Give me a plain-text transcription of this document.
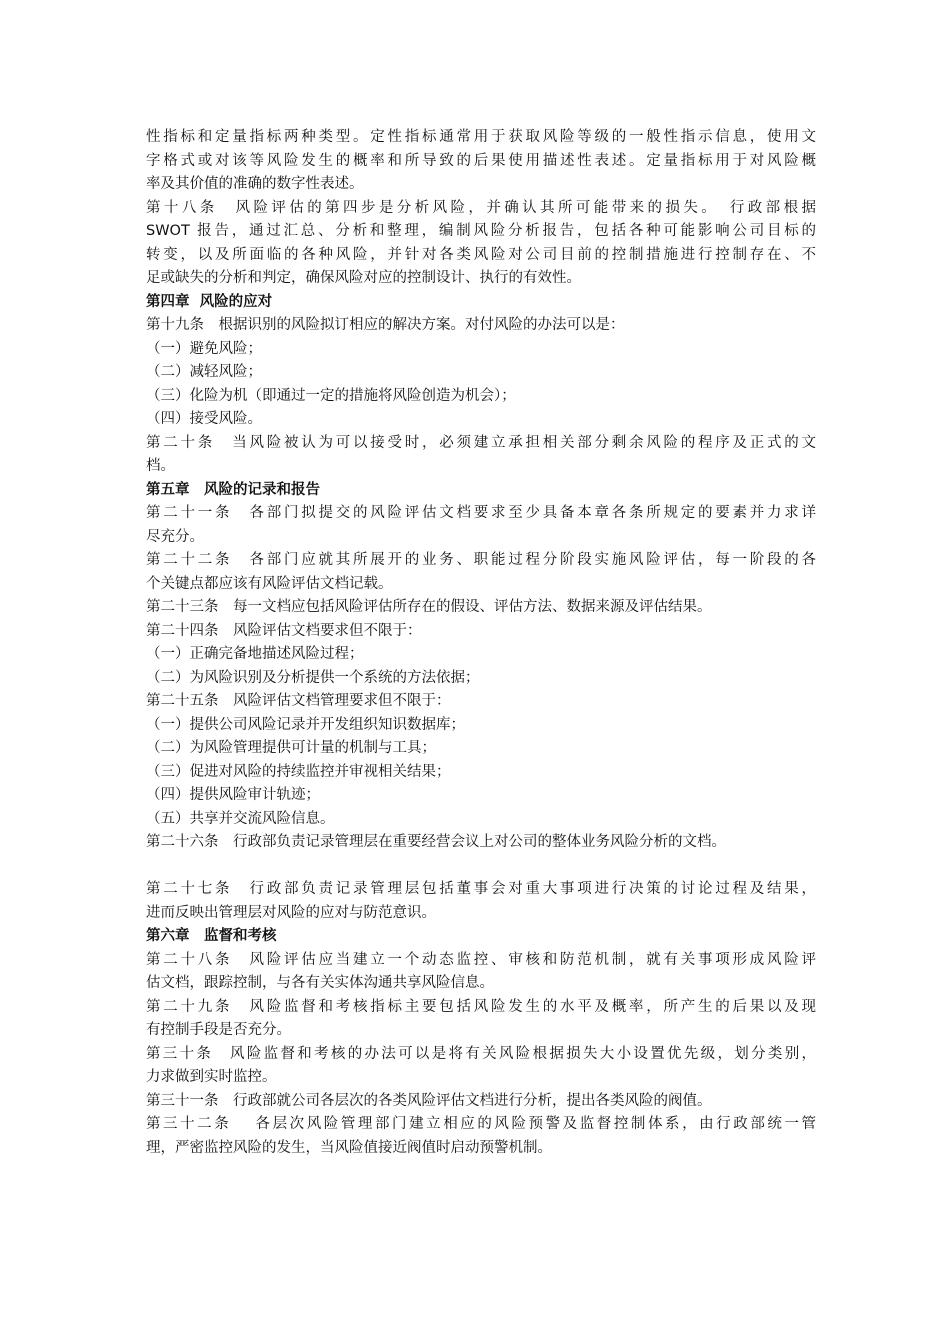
性指标和定量指标两种类型。定性指标通常用于获取风险等级的一般性指示信息，使用文
字格式或对该等风险发生的概率和所导致的后果使用描述性表述。定量指标用于对风险概
率及其价值的准确的数字性表述。
第十八条　风险评估的第四步是分析风险，并确认其所可能带来的损失。　行政部根据
SWOT 报告，通过汇总、分析和整理，编制风险分析报告，包括各种可能影响公司目标的
转变，以及所面临的各种风险，并针对各类风险对公司目前的控制措施进行控制存在、不
足或缺失的分析和判定，确保风险对应的控制设计、执行的有效性。
第四章  风险的应对
第十九条　根据识别的风险拟订相应的解决方案。对付风险的办法可以是：
（一）避免风险；
（二）减轻风险；
（三）化险为机（即通过一定的措施将风险创造为机会）；
（四）接受风险。
第二十条　当风险被认为可以接受时，必须建立承担相关部分剩余风险的程序及正式的文
档。
第五章　风险的记录和报告
第二十一条　各部门拟提交的风险评估文档要求至少具备本章各条所规定的要素并力求详
尽充分。
第二十二条　各部门应就其所展开的业务、职能过程分阶段实施风险评估，每一阶段的各
个关键点都应该有风险评估文档记载。
第二十三条　每一文档应包括风险评估所存在的假设、评估方法、数据来源及评估结果。
第二十四条　风险评估文档要求但不限于：
（一）正确完备地描述风险过程；
（二）为风险识别及分析提供一个系统的方法依据；
第二十五条　风险评估文档管理要求但不限于：
（一）提供公司风险记录并开发组织知识数据库；
（二）为风险管理提供可计量的机制与工具；
（三）促进对风险的持续监控并审视相关结果；
（四）提供风险审计轨迹；
（五）共享并交流风险信息。
第二十六条　行政部负责记录管理层在重要经营会议上对公司的整体业务风险分析的文档。
第二十七条　行政部负责记录管理层包括董事会对重大事项进行决策的讨论过程及结果，
进而反映出管理层对风险的应对与防范意识。
第六章　监督和考核
第二十八条　风险评估应当建立一个动态监控、审核和防范机制，就有关事项形成风险评
估文档，跟踪控制，与各有关实体沟通共享风险信息。
第二十九条　风险监督和考核指标主要包括风险发生的水平及概率，所产生的后果以及现
有控制手段是否充分。
第三十条　风险监督和考核的办法可以是将有关风险根据损失大小设置优先级，划分类别，
力求做到实时监控。
第三十一条　行政部就公司各层次的各类风险评估文档进行分析，提出各类风险的阀值。
第三十二条　 各层次风险管理部门建立相应的风险预警及监督控制体系，由行政部统一管
理，严密监控风险的发生，当风险值接近阀值时启动预警机制。
